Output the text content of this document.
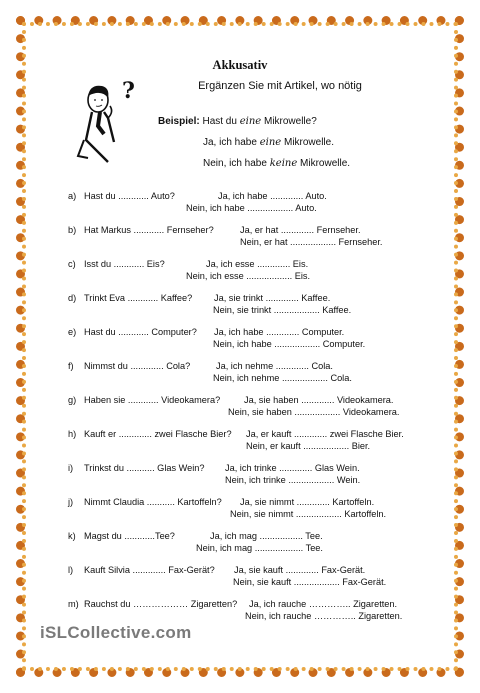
Akkusativ
Ergänzen Sie mit Artikel, wo nötig
?
Beispiel: Hast du eine Mikrowelle?
Ja, ich habe eine Mikrowelle.
Nein, ich habe keine Mikrowelle.
a) Hast du ............ Auto?	Ja, ich habe ............. Auto.
Nein, ich habe .................. Auto.
b) Hat Markus ............ Fernseher?	Ja, er hat ............. Fernseher.
Nein, er hat .................. Fernseher.
c) Isst du ............ Eis?	Ja, ich esse ............. Eis.
Nein, ich esse .................. Eis.
d) Trinkt Eva ............ Kaffee? Ja, sie trinkt ............. Kaffee.
Nein, sie trinkt .................. Kaffee.
e) Hast du ............ Computer? Ja, ich habe ............. Computer.
Nein, ich habe .................. Computer.
f) Nimmst du ............. Cola?	Ja, ich nehme ............. Cola.
Nein, ich nehme .................. Cola.
g) Haben sie ............ Videokamera?	Ja, sie haben ............. Videokamera.
Nein, sie haben .................. Videokamera.
h) Kauft er ............. zwei Flasche Bier? Ja, er kauft ............. zwei Flasche Bier.
Nein, er kauft .................. Bier.
i) Trinkst du ........... Glas Wein? Ja, ich trinke ............. Glas Wein.
Nein, ich trinke .................. Wein.
j) Nimmt Claudia ........... Kartoffeln? Ja, sie nimmt ............. Kartoffeln.
Nein, sie nimmt .................. Kartoffeln.
k) Magst du ............Tee?	Ja, ich mag ................. Tee.
Nein, ich mag ................... Tee.
l) Kauft Silvia ............. Fax-Gerät? Ja, sie kauft ............. Fax-Gerät.
Nein, sie kauft .................. Fax-Gerät.
m) Rauchst du ……………… Zigaretten? Ja, ich rauche ………….. Zigaretten.
Nein, ich rauche ………….. Zigaretten.
iSLCollective.com
